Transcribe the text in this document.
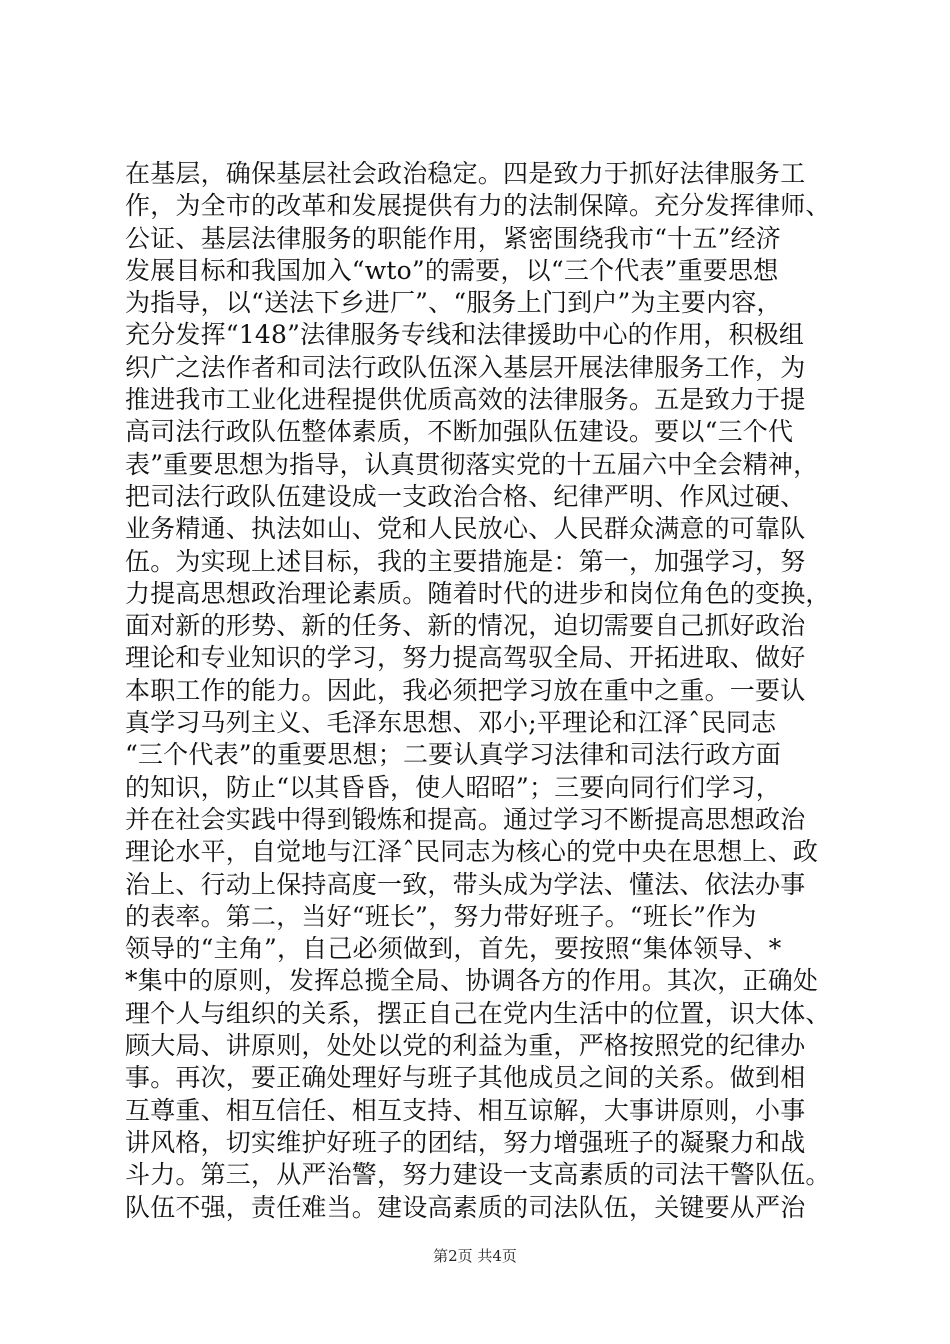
在基层，确保基层社会政治稳定。四是致力于抓好法律服务工
作，为全市的改革和发展提供有力的法制保障。充分发挥律师、
公证、基层法律服务的职能作用，紧密围绕我市“十五”经济
发展目标和我国加入“wto”的需要，以“三个代表”重要思想
为指导，以“送法下乡进厂”、“服务上门到户”为主要内容，
充分发挥“148”法律服务专线和法律援助中心的作用，积极组
织广之法作者和司法行政队伍深入基层开展法律服务工作，为
推进我市工业化进程提供优质高效的法律服务。五是致力于提
高司法行政队伍整体素质，不断加强队伍建设。要以“三个代
表”重要思想为指导，认真贯彻落实党的十五届六中全会精神，
把司法行政队伍建设成一支政治合格、纪律严明、作风过硬、
业务精通、执法如山、党和人民放心、人民群众满意的可靠队
伍。为实现上述目标，我的主要措施是：第一，加强学习，努
力提高思想政治理论素质。随着时代的进步和岗位角色的变换，
面对新的形势、新的任务、新的情况，迫切需要自己抓好政治
理论和专业知识的学习，努力提高驾驭全局、开拓进取、做好
本职工作的能力。因此，我必须把学习放在重中之重。一要认
真学习马列主义、毛泽东思想、邓小;平理论和江泽ˆ民同志
“三个代表”的重要思想；二要认真学习法律和司法行政方面
的知识，防止“以其昏昏，使人昭昭”；三要向同行们学习，
并在社会实践中得到锻炼和提高。通过学习不断提高思想政治
理论水平，自觉地与江泽ˆ民同志为核心的党中央在思想上、政
治上、行动上保持高度一致，带头成为学法、懂法、依法办事
的表率。第二，当好“班长”，努力带好班子。“班长”作为
领导的“主角”，自己必须做到，首先，要按照“集体领导、*
*集中的原则，发挥总揽全局、协调各方的作用。其次，正确处
理个人与组织的关系，摆正自己在党内生活中的位置，识大体、
顾大局、讲原则，处处以党的利益为重，严格按照党的纪律办
事。再次，要正确处理好与班子其他成员之间的关系。做到相
互尊重、相互信任、相互支持、相互谅解，大事讲原则，小事
讲风格，切实维护好班子的团结，努力增强班子的凝聚力和战
斗力。第三，从严治警，努力建设一支高素质的司法干警队伍。
队伍不强，责任难当。建设高素质的司法队伍，关键要从严治
第2页 共4页
